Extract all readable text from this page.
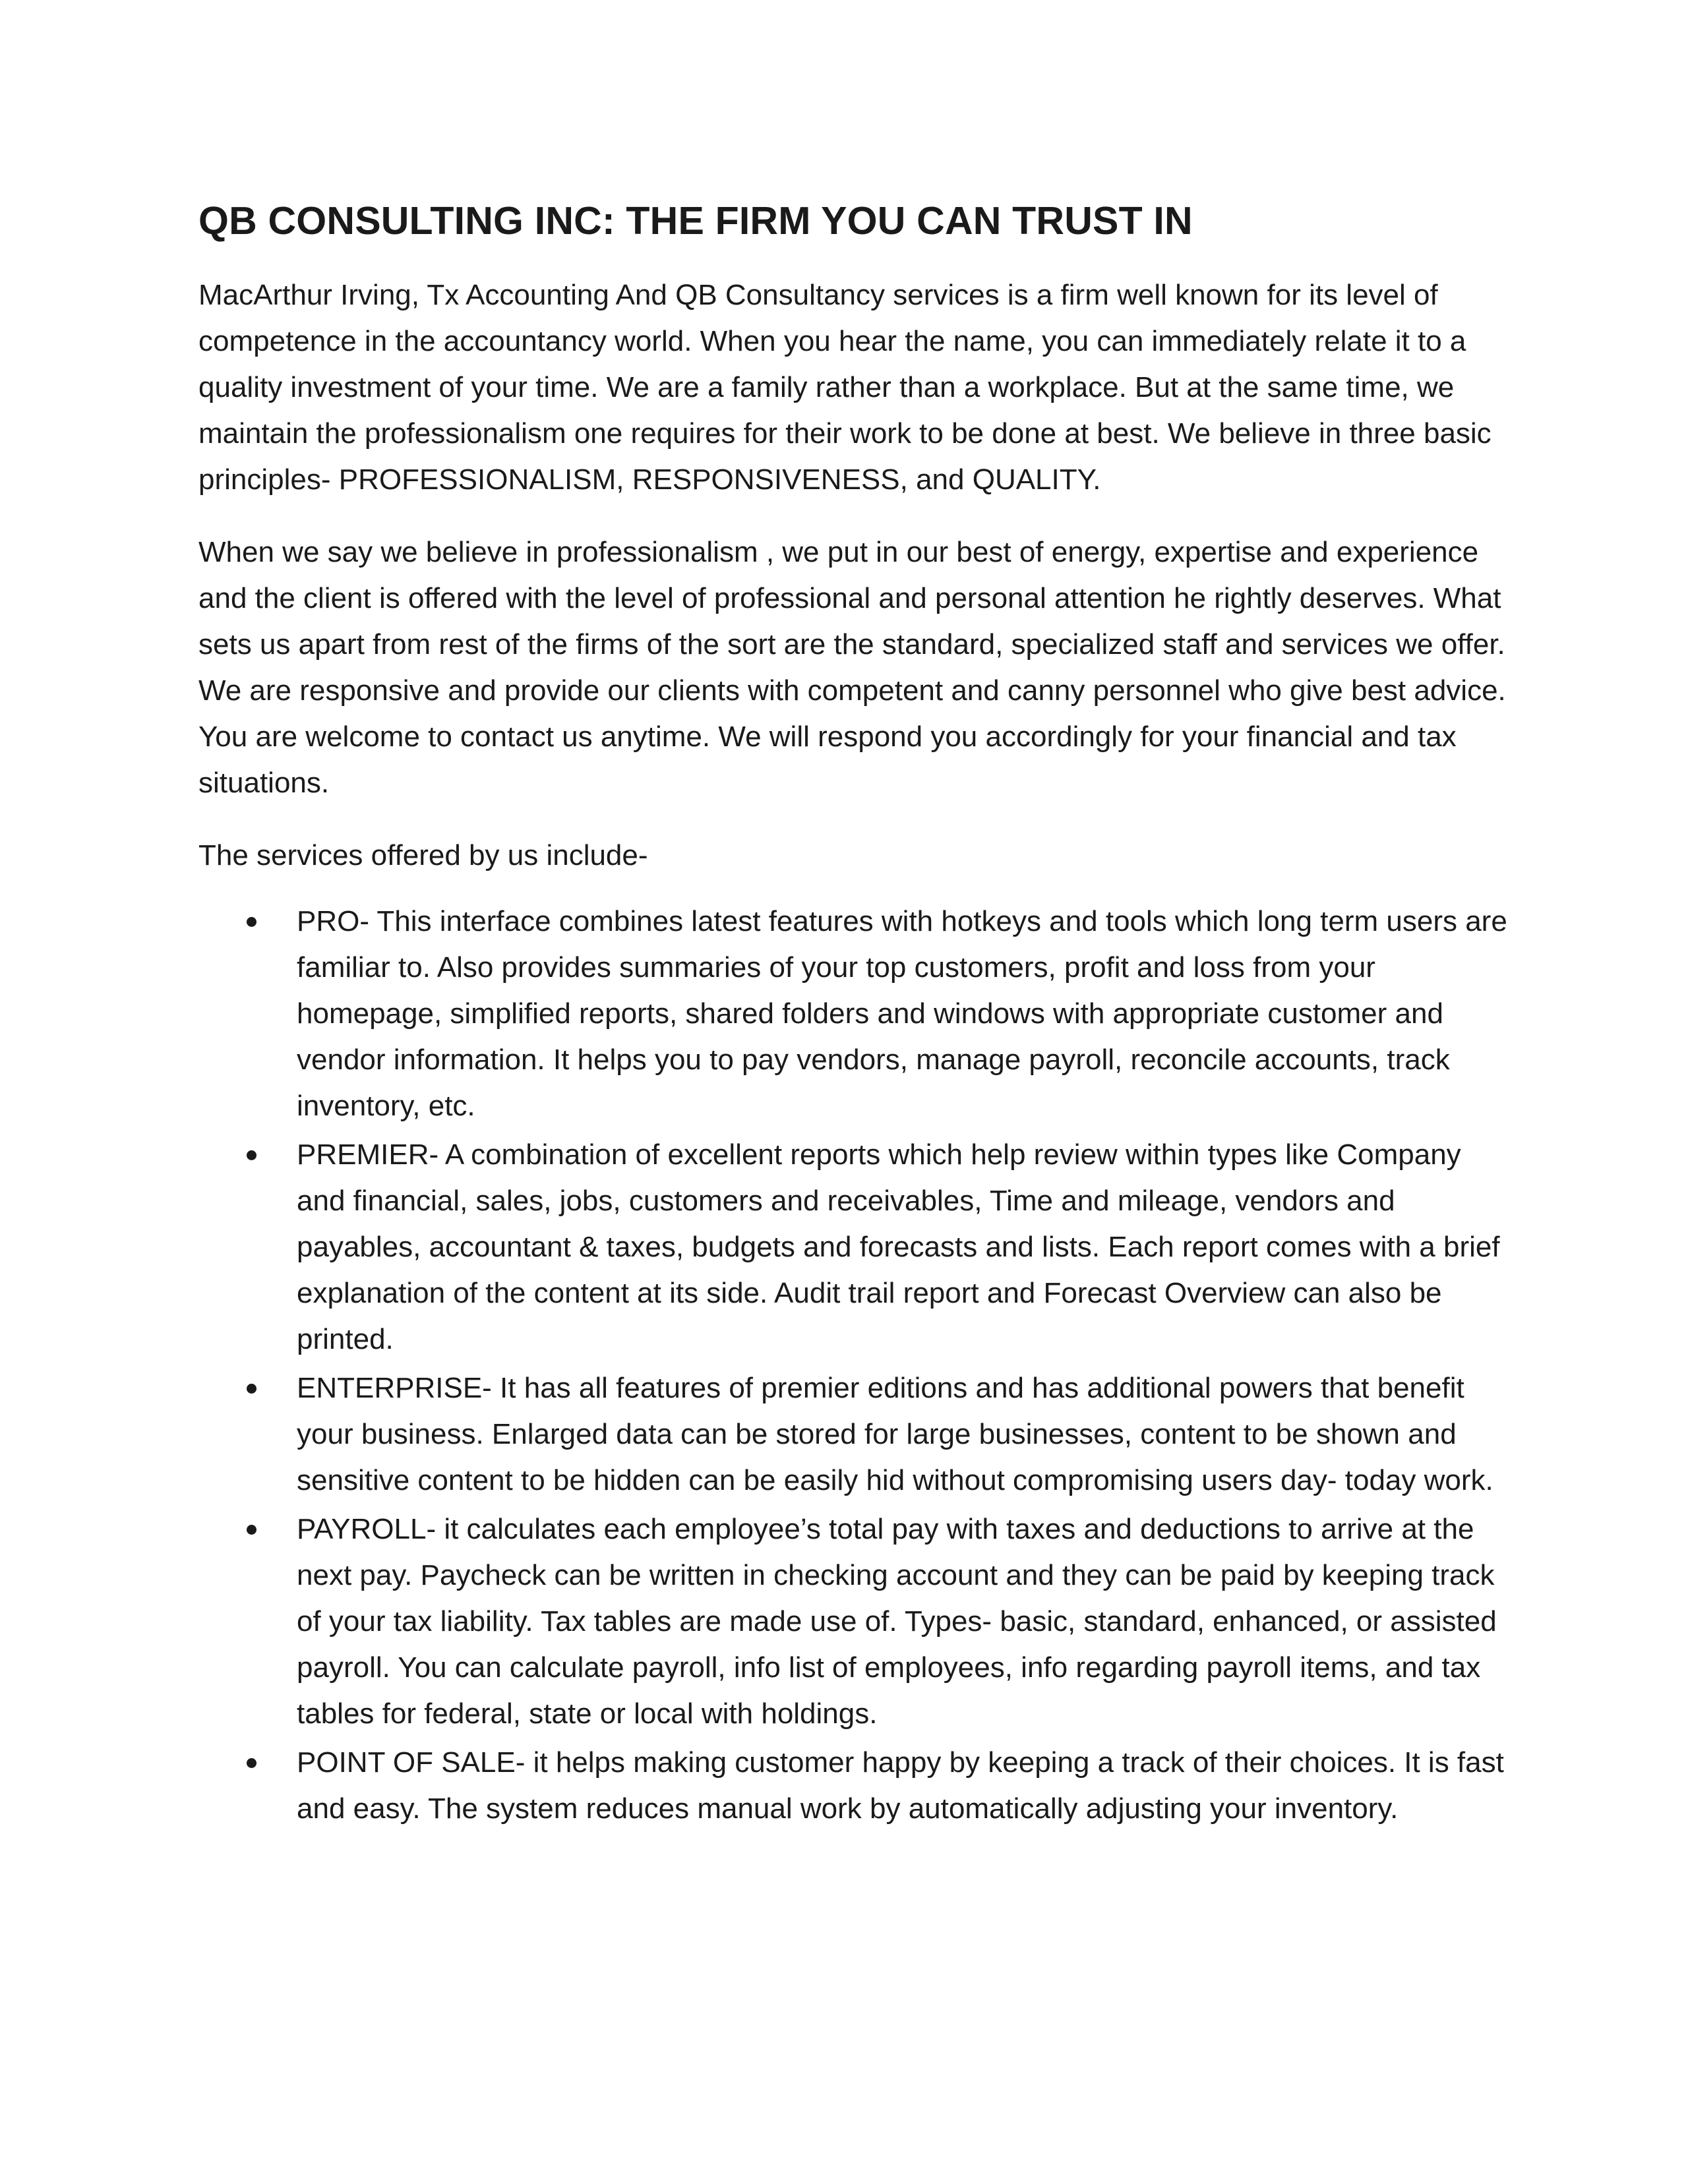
QB CONSULTING INC: THE FIRM YOU CAN TRUST IN

MacArthur Irving, Tx Accounting And QB Consultancy services is a firm well known for its level of competence in the accountancy world. When you hear the name, you can immediately relate it to a quality investment of your time. We are a family rather than a workplace. But at the same time, we maintain the professionalism one requires for their work to be done at best. We believe in three basic principles- PROFESSIONALISM, RESPONSIVENESS, and QUALITY.

When we say we believe in professionalism , we put in our best of energy, expertise and experience and the client is offered with the level of professional and personal attention he rightly deserves. What sets us apart from rest of the firms of the sort are the standard, specialized staff and services we offer. We are responsive and provide our clients with competent and canny personnel who give best advice. You are welcome to contact us anytime. We will respond you accordingly for your financial and tax situations.

The services offered by us include-

PRO- This interface combines latest features with hotkeys and tools which long term users are familiar to. Also provides summaries of your top customers, profit and loss from your homepage, simplified reports, shared folders and windows with appropriate customer and vendor information. It helps you to pay vendors, manage payroll, reconcile accounts, track inventory, etc.
PREMIER- A combination of excellent reports which help review within types like Company and financial, sales, jobs, customers and receivables, Time and mileage, vendors and payables, accountant & taxes, budgets and forecasts and lists. Each report comes with a brief explanation of the content at its side. Audit trail report and Forecast Overview can also be printed.
ENTERPRISE- It has all features of premier editions and has additional powers that benefit your business. Enlarged data can be stored for large businesses, content to be shown and sensitive content to be hidden can be easily hid without compromising users day- today work.
PAYROLL- it calculates each employee’s total pay with taxes and deductions to arrive at the next pay. Paycheck can be written in checking account and they can be paid by keeping track of your tax liability. Tax tables are made use of. Types- basic, standard, enhanced, or assisted payroll. You can calculate payroll, info list of employees, info regarding payroll items, and tax tables for federal, state or local with holdings.
POINT OF SALE- it helps making customer happy by keeping a track of their choices. It is fast and easy. The system reduces manual work by automatically adjusting your inventory.
